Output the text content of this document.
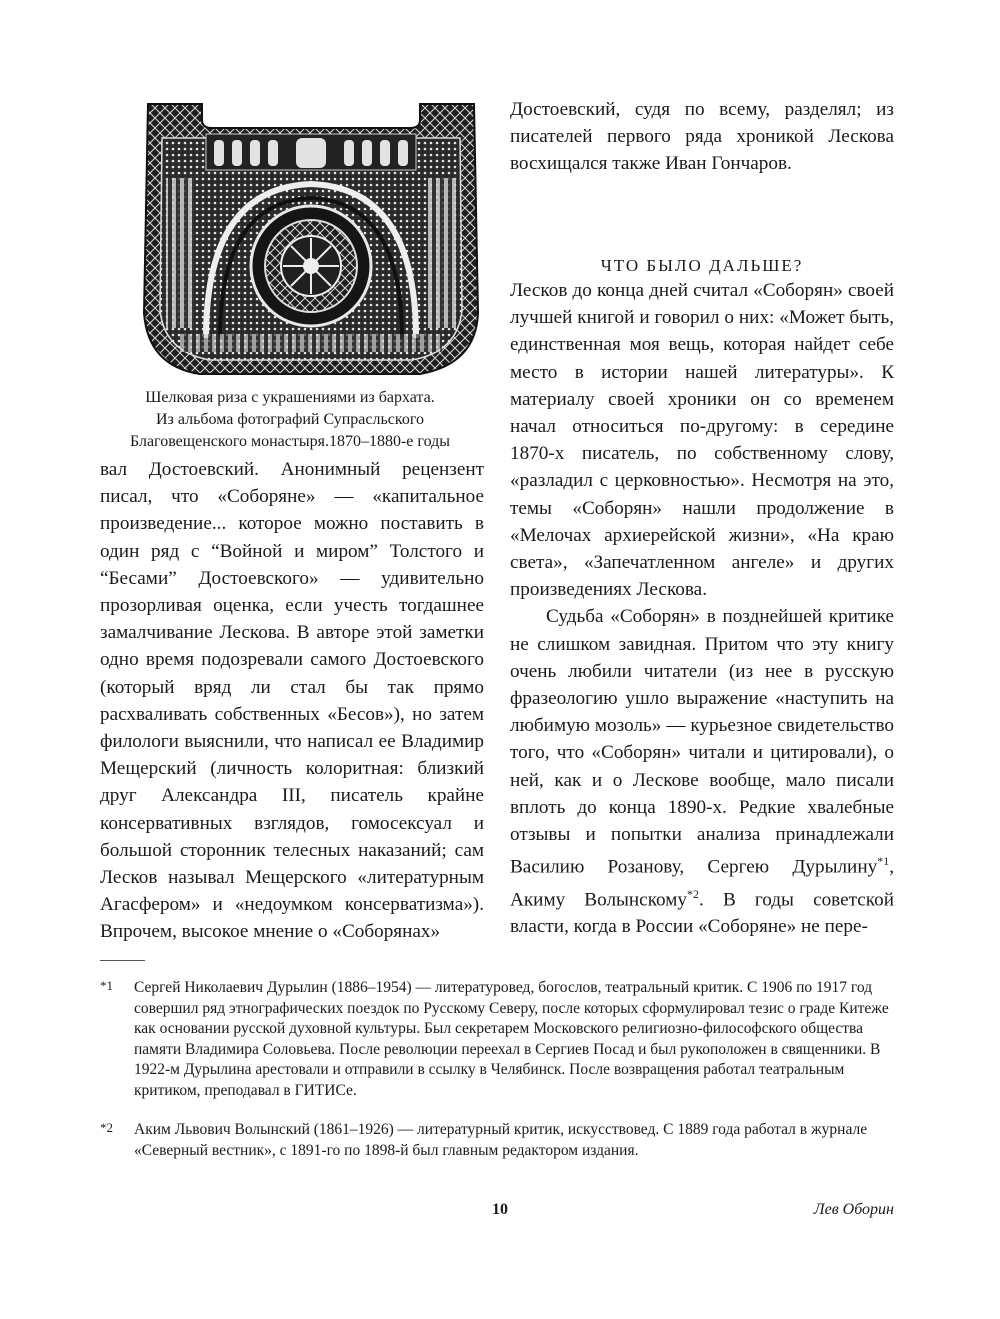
Шелковая риза с украшениями из бархата.
Из альбома фотографий Супрасльского
Благовещенского монастыря.1870–1880-е годы

вал Достоевский. Анонимный рецензент писал, что «Соборяне» — «капитальное произведение... которое можно поставить в один ряд с “Войной и миром” Толстого и “Бесами” Достоевского» — удивительно прозорливая оценка, если учесть тогдашнее замалчивание Лескова. В авторе этой заметки одно время подозревали самого Достоевского (который вряд ли стал бы так прямо расхваливать собственных «Бесов»), но затем филологи выяснили, что написал ее Владимир Мещерский (личность колоритная: близкий друг Александра III, писатель крайне консервативных взглядов, гомосексуал и большой сторонник телесных наказаний; сам Лесков называл Мещерского «литературным Агасфером» и «недоумком консерватизма»). Впрочем, высокое мнение о «Соборянах»

Достоевский, судя по всему, разделял; из писателей первого ряда хроникой Лескова восхищался также Иван Гончаров.

ЧТО БЫЛО ДАЛЬШЕ?

Лесков до конца дней считал «Соборян» своей лучшей книгой и говорил о них: «Может быть, единственная моя вещь, которая найдет себе место в истории нашей литературы». К материалу своей хроники он со временем начал относиться по-другому: в середине 1870-х писатель, по собственному слову, «разладил с церковностью». Несмотря на это, темы «Соборян» нашли продолжение в «Мелочах архиерейской жизни», «На краю света», «Запечатленном ангеле» и других произведениях Лескова.

Судьба «Соборян» в позднейшей критике не слишком завидная. Притом что эту книгу очень любили читатели (из нее в русскую фразеологию ушло выражение «наступить на любимую мозоль» — курьезное свидетельство того, что «Соборян» читали и цитировали), о ней, как и о Лескове вообще, мало писали вплоть до конца 1890-х. Редкие хвалебные отзывы и попытки анализа принадлежали Василию Розанову, Сергею Дурылину$^{*1}$, Акиму Волынскому$^{*2}$. В годы советской власти, когда в России «Соборяне» не пере-

*1 Сергей Николаевич Дурылин (1886–1954) — литературовед, богослов, театральный критик. С 1906 по 1917 год совершил ряд этнографических поездок по Русскому Северу, после которых сформулировал тезис о граде Китеже как основании русской духовной культуры. Был секретарем Московского религиозно-философского общества памяти Владимира Соловьева. После революции переехал в Сергиев Посад и был рукоположен в священники. В 1922-м Дурылина арестовали и отправили в ссылку в Челябинск. После возвращения работал театральным критиком, преподавал в ГИТИСе.
*2 Аким Львович Волынский (1861–1926) — литературный критик, искусствовед. С 1889 года работал в журнале «Северный вестник», с 1891-го по 1898-й был главным редактором издания.
10	Лев Оборин
